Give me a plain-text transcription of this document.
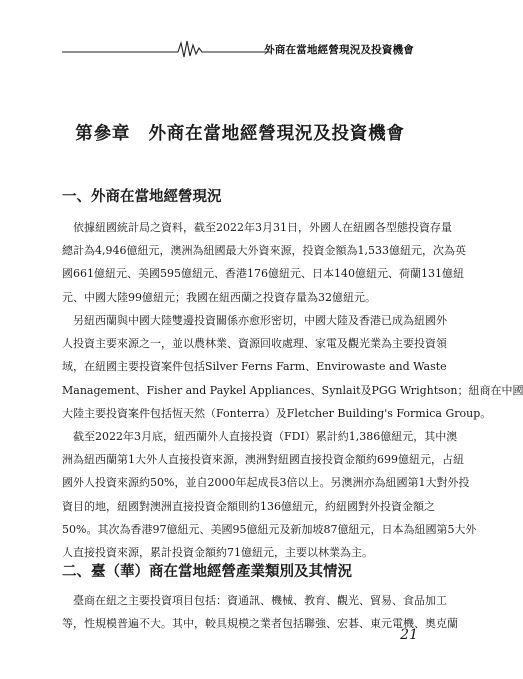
外商在當地經營現況及投資機會
第參章　外商在當地經營現況及投資機會
一、外商在當地經營現況
　依據紐國統計局之資料，截至2022年3月31日，外國人在紐國各型態投資存量
總計為4,946億紐元，澳洲為紐國最大外資來源，投資金額為1,533億紐元，次為英
國661億紐元、美國595億紐元、香港176億紐元、日本140億紐元、荷蘭131億紐
元、中國大陸99億紐元；我國在紐西蘭之投資存量為32億紐元。
　另紐西蘭與中國大陸雙邊投資關係亦愈形密切，中國大陸及香港已成為紐國外
人投資主要來源之一，並以農林業、資源回收處理、家電及觀光業為主要投資領
域，在紐國主要投資案件包括Silver Ferns Farm、Envirowaste and Waste
Management、Fisher and Paykel Appliances、Synlait及PGG Wrightson；紐商在中國
大陸主要投資案件包括恆天然（Fonterra）及Fletcher Building's Formica Group。
　截至2022年3月底，紐西蘭外人直接投資（FDI）累計約1,386億紐元，其中澳
洲為紐西蘭第1大外人直接投資來源，澳洲對紐國直接投資金額約699億紐元，占紐
國外人投資來源約50%，並自2000年起成長3倍以上。另澳洲亦為紐國第1大對外投
資目的地，紐國對澳洲直接投資金額則約136億紐元，約紐國對外投資金額之
50%。其次為香港97億紐元、美國95億紐元及新加坡87億紐元，日本為紐國第5大外
人直接投資來源，累計投資金額約71億紐元，主要以林業為主。
二、臺（華）商在當地經營產業類別及其情況
　臺商在紐之主要投資項目包括：資通訊、機械、教育、觀光、貿易、食品加工
等，性規模普遍不大。其中，較具規模之業者包括聯強、宏碁、東元電機、奧克蘭
21
